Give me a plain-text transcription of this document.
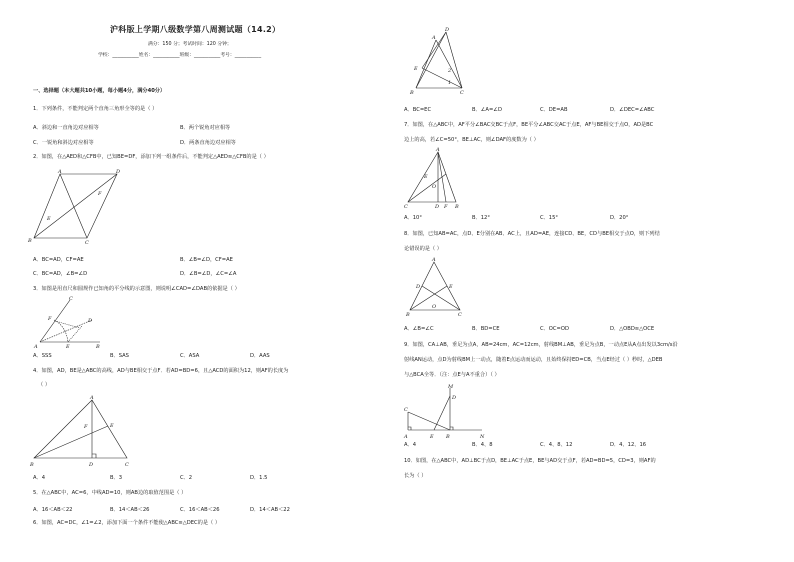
沪科版上学期八级数学第八周测试题（14.2）
满分：150 分；考试时间：120 分钟；
学校：___________姓名：___________班级：___________考号：___________
一、选择题（本大题共10小题，每小题4分，满分40分）
1．下列条件，不能判定两个直角三角形全等的是（ ）
A．斜边和一直角边对应相等	B．两个锐角对应相等
C．一锐角和斜边对应相等	D．两条直角边对应相等
2．如图，在△AED和△CFB中，已知BE=DF，添加下列一组条件后，不能判定△AED≌△CFB的是（ ）
A	D
B	C
E
F
A．BC=AD，CF=AE	B．∠B=∠D，CF=AE
C．BC=AD，∠B=∠D	D．∠B=∠D，∠C=∠A
3．如图是用直尺和圆规作已知角的平分线的示意图，则说明∠CAD=∠DAB的依据是（ ）
C
F	D
A	E	B
A．SSS	B．SAS	C．ASA	D．AAS
4．如图，AD，BE是△ABC的高线，AD与BE相交于点F．若AD=BD=6，且△ACD的面积为12，则AF的长度为
（ ）
A
E
F
B	D	C
A．4	B．3	C．2	D．1.5
5．在△ABC中，AC=6，中线AD=10，则AB边的取值范围是（ ）
A．16＜AB＜22	B．14＜AB＜26	C．16＜AB＜26	D．14＜AB＜22
6．如图，AC=DC，∠1=∠2，添加下面一个条件不能使△ABC≌△DEC的是（ ）
A
D
E
B	C
2
1
A．BC=EC	B．∠A=∠D	C．DE=AB	D．∠DEC=∠ABC
7．如图，在△ABC中，AF平分∠BAC交BC于点F，BE平分∠ABC交AC于点E，AF与BE相交于点O，AD是BC
边上的高，若∠C=50°，BE⊥AC，则∠DAF的度数为（ ）
A
E
O
C	D F B
A．10°	B．12°	C．15°	D．20°
8．如图，已知AB=AC，点D、E分别在AB、AC上，且AD=AE，连接CD、BE，CD与BE相交于点O，则下列结
论错误的是（ ）
A
D	E
O
B	C
A．∠B=∠C	B．BD=CE	C．OC=OD	D．△OBD≌△OCE
9．如图，CA⊥AB，垂足为点A，AB=24cm，AC=12cm，射线BM⊥AB，垂足为点B，一动点E从A点出发以3cm/s沿
射线AN运动，点D为射线BM上一动点，随着E点运动而运动，且始终保持ED=CB，当点E经过（ ）秒时，△DEB
与△BCA全等．（注：点E与A不重合）（ ）
M
D
C
A	E B	N
A．4	B．4、8	C．4、8、12	D．4、12、16
10．如图，在△ABC中，AD⊥BC于点D，BE⊥AC于点E，BE与AD交于点F，若AD=BD=5，CD=3，则AF的
长为（ ）
